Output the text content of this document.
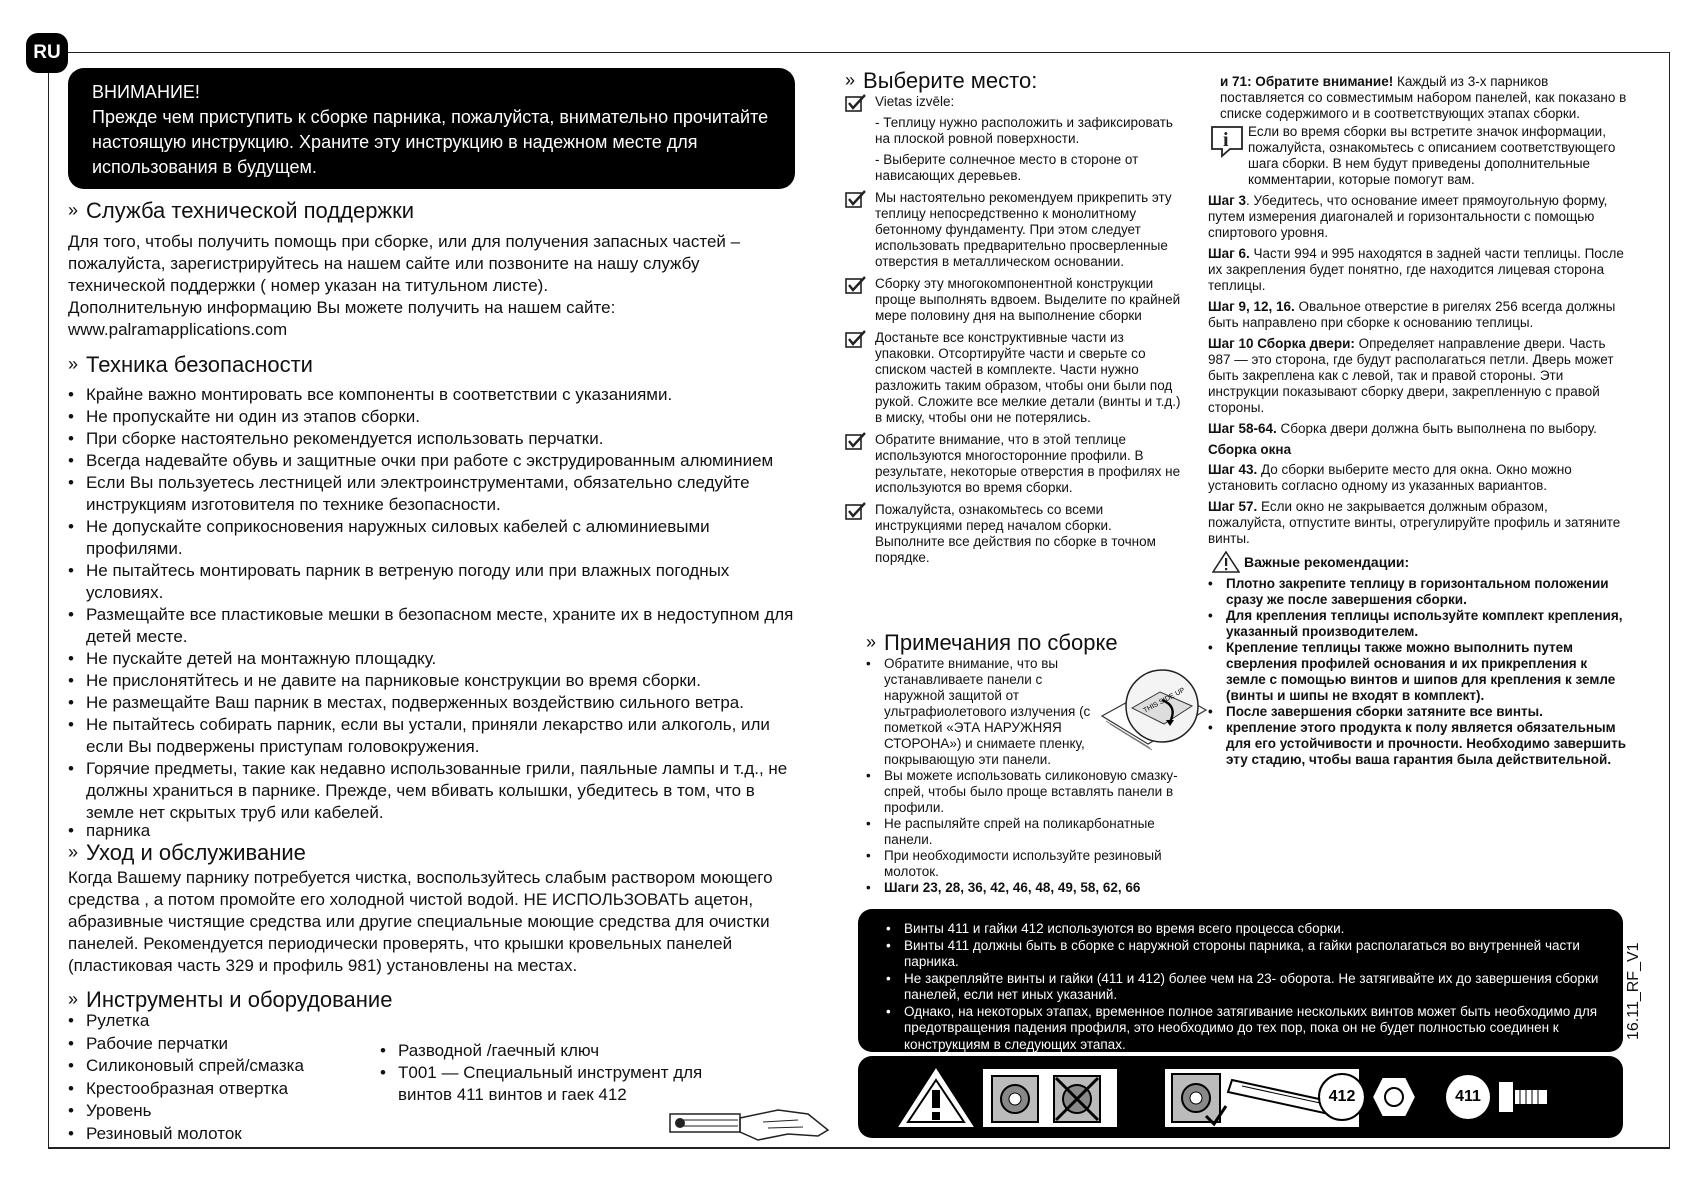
RU
ВНИМАНИЕ!
Прежде чем приступить к сборке парника, пожалуйста, внимательно прочитайте
настоящую инструкцию. Храните эту инструкцию в надежном месте для
использования в будущем.
» Служба технической поддержки
Для того, чтобы получить помощь при сборке, или для получения запасных частей –
пожалуйста, зарегистрируйтесь на нашем сайте или позвоните на нашу службу
технической поддержки ( номер указан на титульном листе).
Дополнительную информацию Вы можете получить на нашем сайте:
www.palramapplications.com
» Техника безопасности
• Крайне важно монтировать все компоненты в соответствии с указаниями.
• Не пропускайте ни один из этапов сборки.
• При сборке настоятельно рекомендуется использовать перчатки.
• Всегда надевайте обувь и защитные очки при работе с экструдированным алюминием
• Если Вы пользуетесь лестницей или электроинструментами, обязательно следуйте инструкциям изготовителя по технике безопасности.
• Не допускайте соприкосновения наружных силовых кабелей с алюминиевыми профилями.
• Не пытайтесь монтировать парник в ветреную погоду или при влажных погодных условиях.
• Размещайте все пластиковые мешки в безопасном месте, храните их в недоступном для детей месте.
• Не пускайте детей на монтажную площадку.
• Не прислонятйтесь и не давите на парниковые конструкции во время сборки.
• Не размещайте Ваш парник в местах, подверженных воздействию сильного ветра.
• Не пытайтесь собирать парник, если вы устали, приняли лекарство или алкоголь, или если Вы подвержены приступам головокружения.
• Горячие предметы, такие как недавно использованные грили, паяльные лампы и т.д., не должны храниться в парнике. Прежде, чем вбивать колышки, убедитесь в том, что в земле нет скрытых труб или кабелей.
• парника
» Уход и обслуживание
Когда Вашему парнику потребуется чистка, воспользуйтесь слабым раствором моющего
средства , а потом промойте его холодной чистой водой. НЕ ИСПОЛЬЗОВАТЬ ацетон,
абразивные чистящие средства или другие специальные моющие средства для очистки
панелей. Рекомендуется периодически проверять, что крышки кровельных панелей
(пластиковая часть 329 и профиль 981) установлены на местах.
» Инструменты и оборудование
• Рулетка
• Рабочие перчатки
• Силиконовый спрей/смазка
• Крестообразная отвертка
• Уровень
• Резиновый молоток
• Разводной /гаечный ключ
• T001 — Специальный инструмент для винтов 411 винтов и гаек 412
» Выберите место:
Vietas izvēle:
- Теплицу нужно расположить и зафиксировать на плоской ровной поверхности.
- Выберите солнечное место в стороне от нависающих деревьев.
Мы настоятельно рекомендуем прикрепить эту теплицу непосредственно к монолитному бетонному фундаменту. При этом следует использовать предварительно просверленные отверстия в металлическом основании.
Сборку эту многокомпонентной конструкции проще выполнять вдвоем. Выделите по крайней мере половину дня на выполнение сборки
Достаньте все конструктивные части из упаковки. Отсортируйте части и сверьте со списком частей в комплекте. Части нужно разложить таким образом, чтобы они были под рукой. Сложите все мелкие детали (винты и т.д.) в миску, чтобы они не потерялись.
Обратите внимание, что в этой теплице используются многосторонние профили. В результате, некоторые отверстия в профилях не используются во время сборки.
Пожалуйста, ознакомьтесь со всеми инструкциями перед началом сборки. Выполните все действия по сборке в точном порядке.
» Примечания по сборке
• Обратите внимание, что вы устанавливаете панели с наружной защитой от ультрафиолетового излучения (с пометкой «ЭТА НАРУЖНЯЯ СТОРОНА») и снимаете пленку, покрывающую эти панели.
• Вы можете использовать силиконовую смазку-спрей, чтобы было проще вставлять панели в профили.
• Не распыляйте спрей на поликарбонатные панели.
• При необходимости используйте резиновый молоток.
• Шаги 23, 28, 36, 42, 46, 48, 49, 58, 62, 66
THIS SIDE UP
и 71: Обратите внимание! Каждый из 3-х парников поставляется со совместимым набором панелей, как показано в списке содержимого и в соответствующих этапах сборки.
i	Если во время сборки вы встретите значок информации, пожалуйста, ознакомьтесь с описанием соответствующего шага сборки. В нем будут приведены дополнительные комментарии, которые помогут вам.
Шаг 3. Убедитесь, что основание имеет прямоугольную форму, путем измерения диагоналей и горизонтальности с помощью спиртового уровня.
Шаг 6. Части 994 и 995 находятся в задней части теплицы. После их закрепления будет понятно, где находится лицевая сторона теплицы.
Шаг 9, 12, 16. Овальное отверстие в ригелях 256 всегда должны быть направлено при сборке к основанию теплицы.
Шаг 10 Сборка двери: Определяет направление двери. Часть 987 — это сторона, где будут располагаться петли. Дверь может быть закреплена как с левой, так и правой стороны. Эти инструкции показывают сборку двери, закрепленную с правой стороны.
Шаг 58-64. Сборка двери должна быть выполнена по выбору.
Сборка окна
Шаг 43. До сборки выберите место для окна. Окно можно установить согласно одному из указанных вариантов.
Шаг 57. Если окно не закрывается должным образом, пожалуйста, отпустите винты, отрегулируйте профиль и затяните винты.
Важные рекомендации:
• Плотно закрепите теплицу в горизонтальном положении сразу же после завершения сборки.
• Для крепления теплицы используйте комплект крепления, указанный производителем.
• Крепление теплицы также можно выполнить путем сверления профилей основания и их прикрепления к земле с помощью винтов и шипов для крепления к земле (винты и шипы не входят в комплект).
• После завершения сборки затяните все винты.
• крепление этого продукта к полу является обязательным для его устойчивости и прочности. Необходимо завершить эту стадию, чтобы ваша гарантия была действительной.
• Винты 411 и гайки 412 используются во время всего процесса сборки.
• Винты 411 должны быть в сборке с наружной стороны парника, а гайки располагаться во внутренней части парника.
• Не закрепляйте винты и гайки (411 и 412) более чем на 23- оборота. Не затягивайте их до завершения сборки панелей, если нет иных указаний.
• Однако, на некоторых этапах, временное полное затягивание нескольких винтов может быть необходимо для предотвращения падения профиля, это необходимо до тех пор, пока он не будет полностью соединен к конструкциям в следующих этапах.
412	411
16.11_RF_V1
